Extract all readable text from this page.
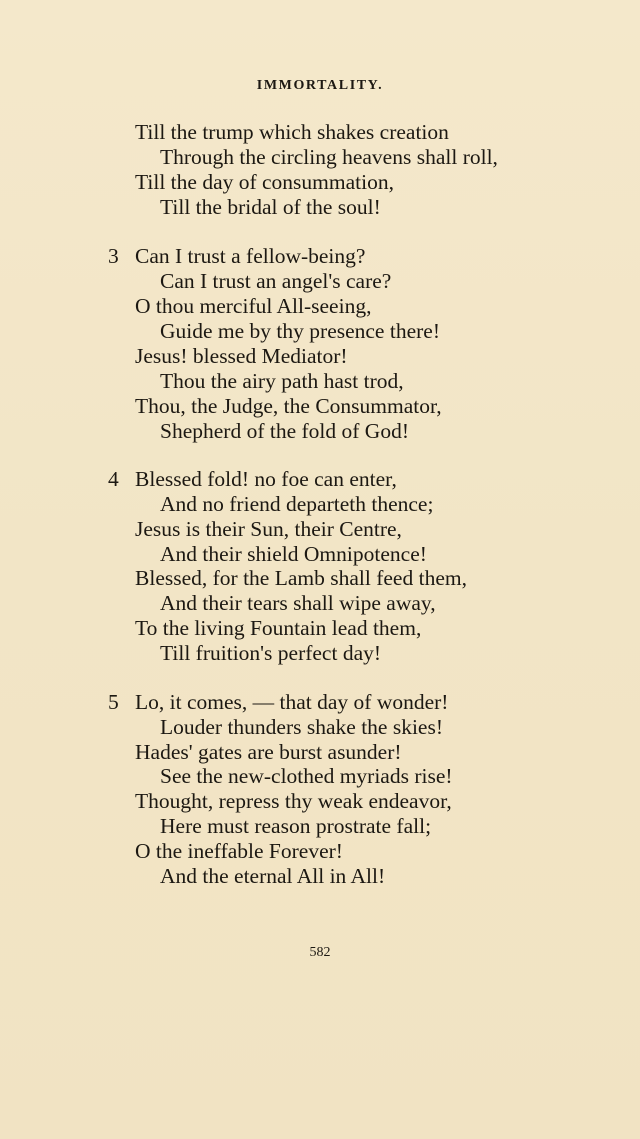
IMMORTALITY.
Till the trump which shakes creation
Through the circling heavens shall roll,
Till the day of consummation,
Till the bridal of the soul!
3 Can I trust a fellow-being?
Can I trust an angel's care?
O thou merciful All-seeing,
Guide me by thy presence there!
Jesus! blessed Mediator!
Thou the airy path hast trod,
Thou, the Judge, the Consummator,
Shepherd of the fold of God!
4 Blessed fold! no foe can enter,
And no friend departeth thence;
Jesus is their Sun, their Centre,
And their shield Omnipotence!
Blessed, for the Lamb shall feed them,
And their tears shall wipe away,
To the living Fountain lead them,
Till fruition's perfect day!
5 Lo, it comes, — that day of wonder!
Louder thunders shake the skies!
Hades' gates are burst asunder!
See the new-clothed myriads rise!
Thought, repress thy weak endeavor,
Here must reason prostrate fall;
O the ineffable Forever!
And the eternal All in All!
582
